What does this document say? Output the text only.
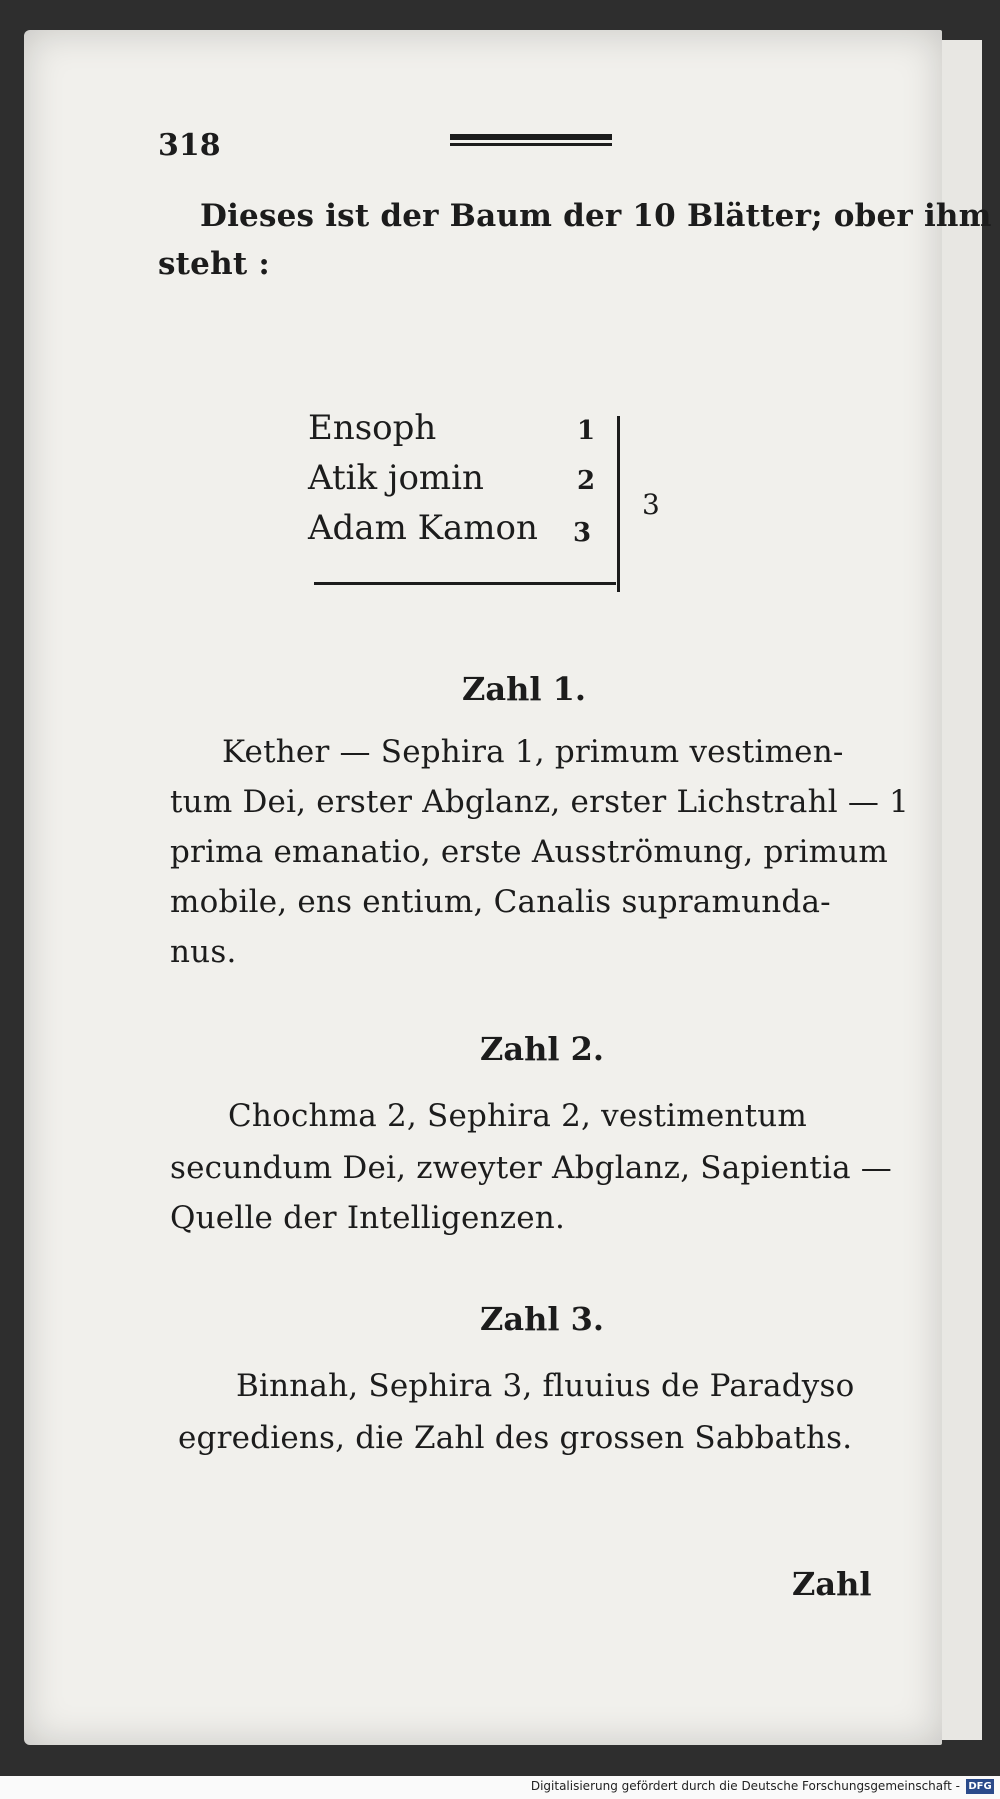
318
Dieses ist der Baum der 10 Blätter; ober ihm
steht :
Ensoph	1
Atik jomin	2
Adam Kamon 3
3
Zahl 1.
Kether — Sephira 1, primum vestimen-
tum Dei, erster Abglanz, erster Lichstrahl — 1
prima emanatio, erste Ausströmung, primum
mobile, ens entium, Canalis supramunda-
nus.
Zahl 2.
Chochma 2, Sephira 2, vestimentum
secundum Dei, zweyter Abglanz, Sapientia —
Quelle der Intelligenzen.
Zahl 3.
Binnah, Sephira 3, fluuius de Paradyso
egrediens, die Zahl des grossen Sabbaths.
Zahl
Digitalisierung gefördert durch die Deutsche Forschungsgemeinschaft - DFG
